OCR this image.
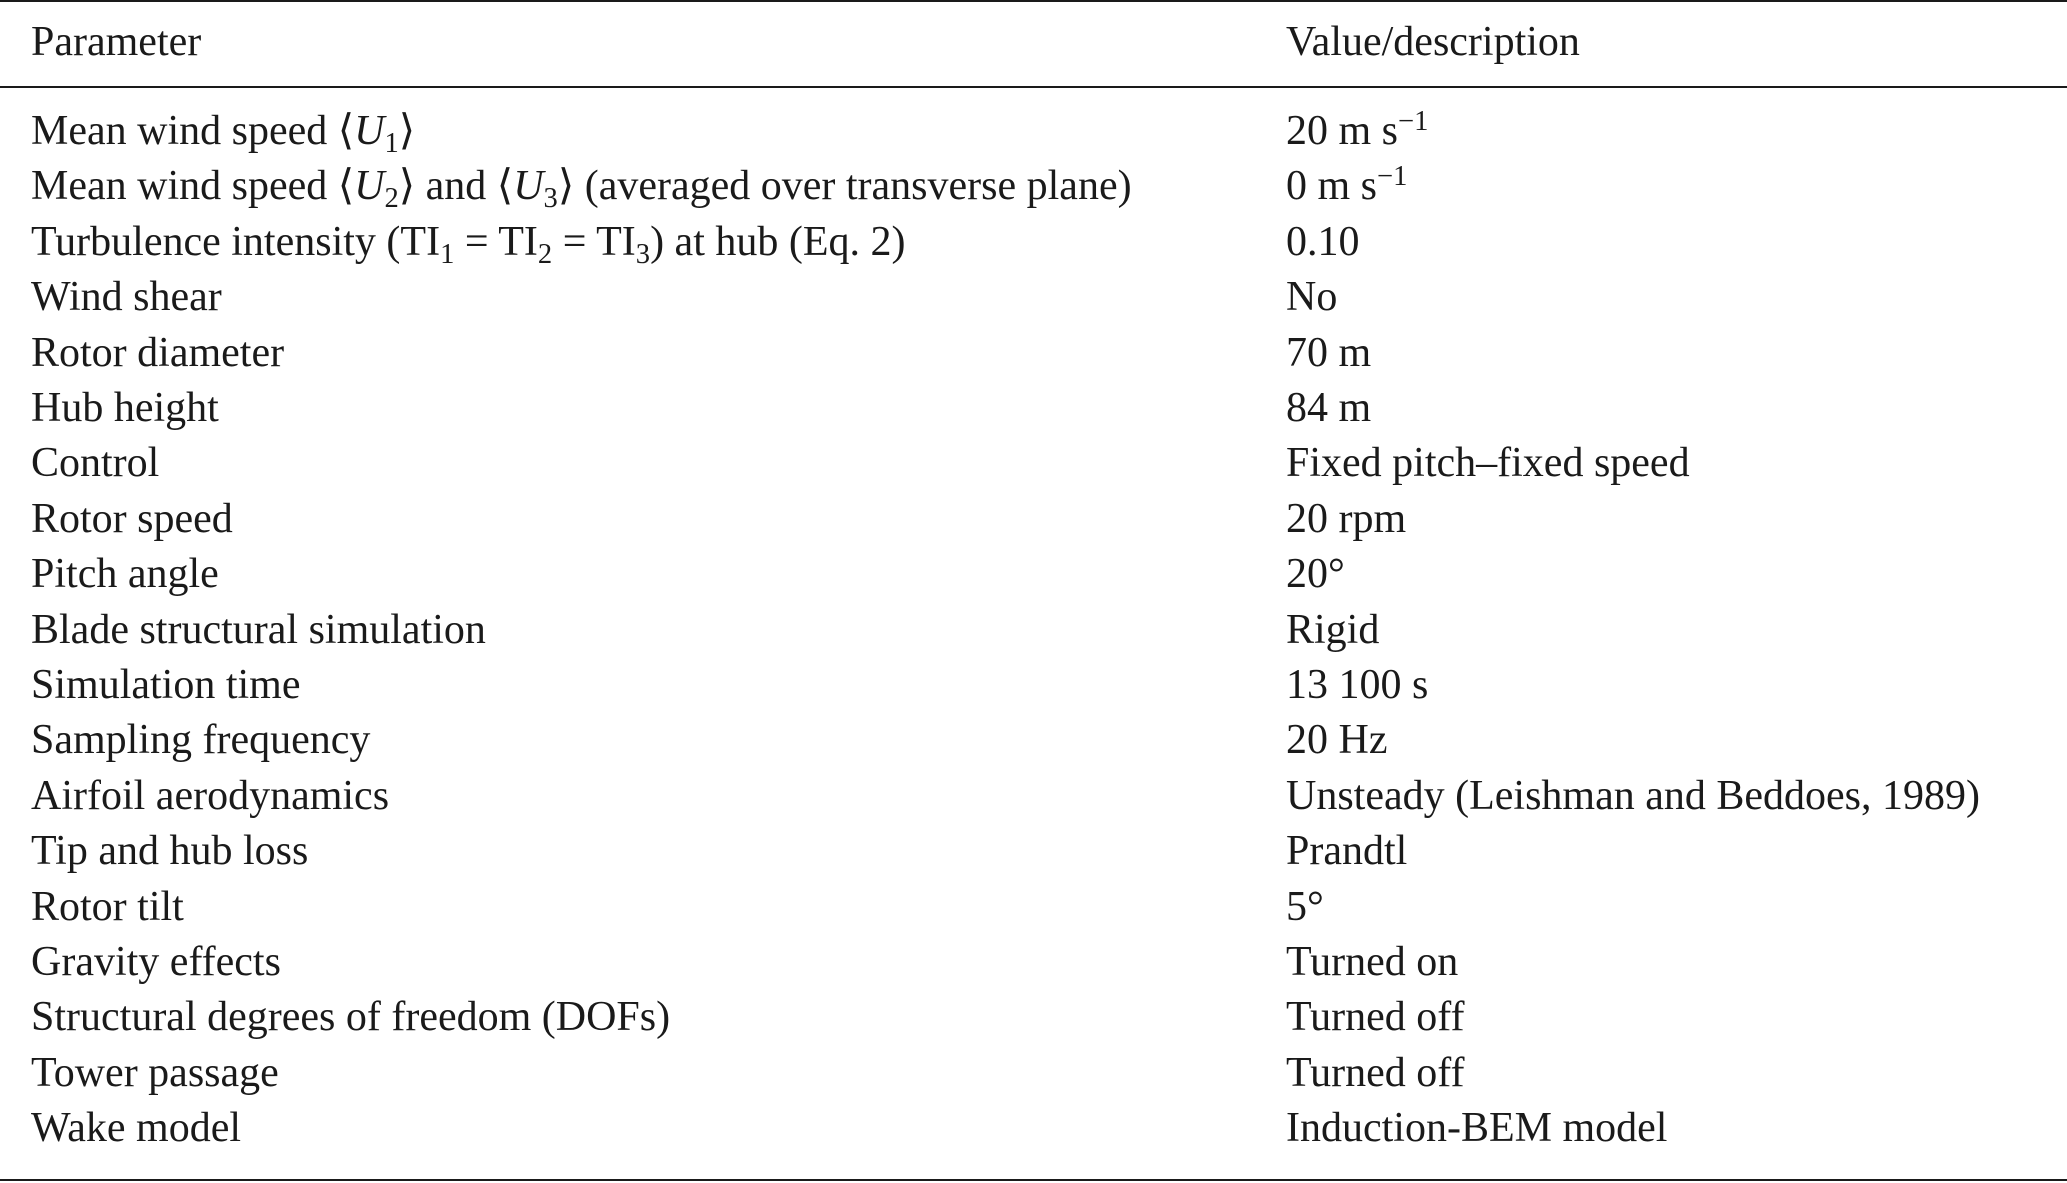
Parameter	Value/description
Mean wind speed $⟨U_1⟩$	20 m $s^{-1}$
Mean wind speed $⟨U_2⟩$ and $⟨U_3⟩$ (averaged over transverse plane)	0 m $s^{-1}$
Turbulence intensity $(TI_1 = TI_2 = TI_3)$ at hub (Eq. 2)	0.10
Wind shear	No
Rotor diameter	70 m
Hub height	84 m
Control	Fixed pitch–fixed speed
Rotor speed	20 rpm
Pitch angle	20°
Blade structural simulation	Rigid
Simulation time	13 100 s
Sampling frequency	20 Hz
Airfoil aerodynamics	Unsteady (Leishman and Beddoes, 1989)
Tip and hub loss	Prandtl
Rotor tilt	5°
Gravity effects	Turned on
Structural degrees of freedom (DOFs)	Turned off
Tower passage	Turned off
Wake model	Induction-BEM model
